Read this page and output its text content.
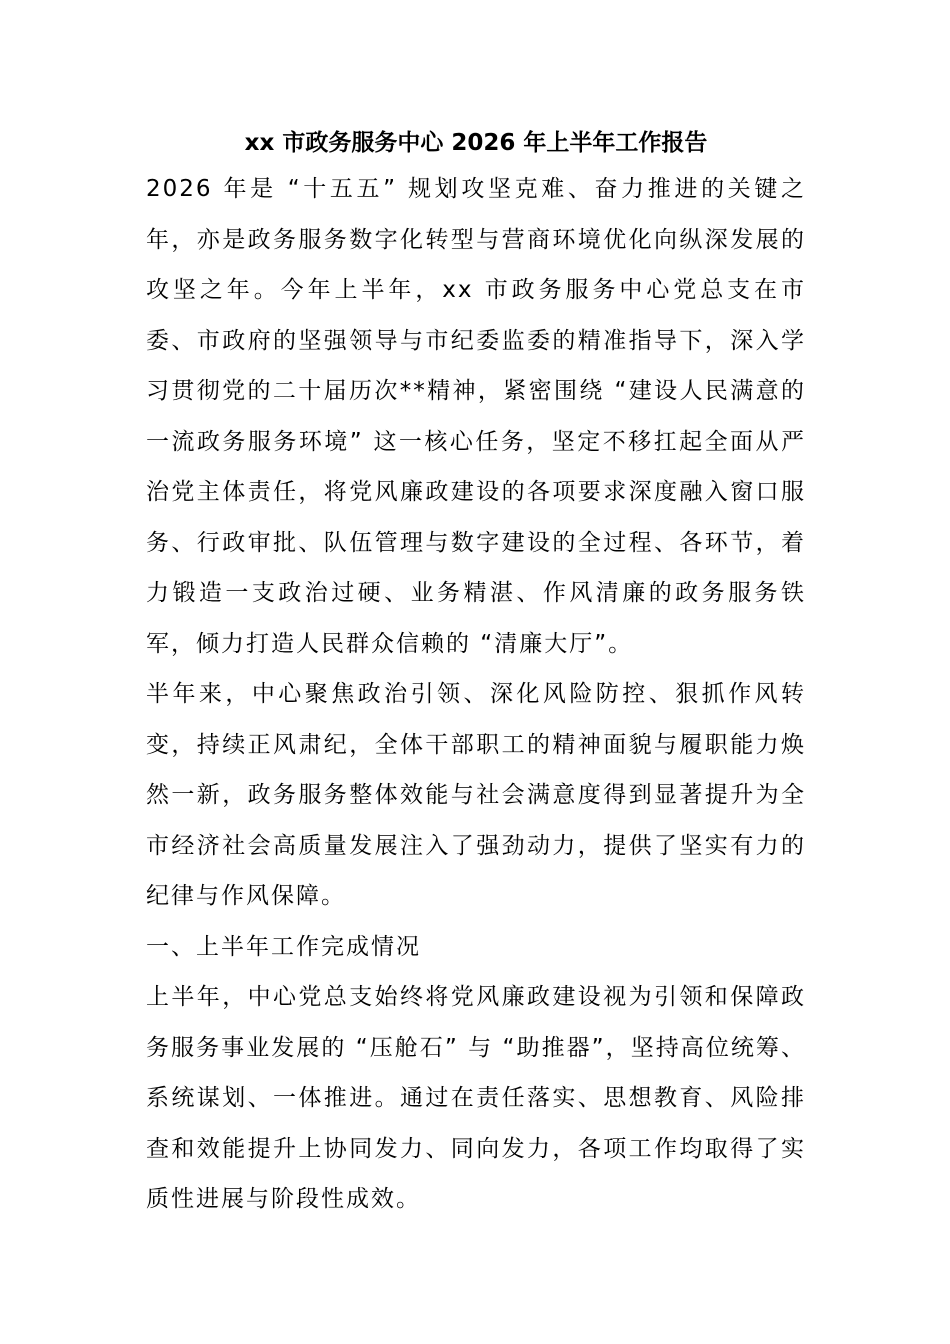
xx 市政务服务中心 2026 年上半年工作报告

2026 年是 “十五五” 规划攻坚克难、奋力推进的关键之年，亦是政务服务数字化转型与营商环境优化向纵深发展的攻坚之年。今年上半年，xx 市政务服务中心党总支在市委、市政府的坚强领导与市纪委监委的精准指导下，深入学习贯彻党的二十届历次**精神，紧密围绕 “建设人民满意的一流政务服务环境” 这一核心任务，坚定不移扛起全面从严治党主体责任，将党风廉政建设的各项要求深度融入窗口服务、行政审批、队伍管理与数字建设的全过程、各环节，着力锻造一支政治过硬、业务精湛、作风清廉的政务服务铁军，倾力打造人民群众信赖的 “清廉大厅”。

半年来，中心聚焦政治引领、深化风险防控、狠抓作风转变，持续正风肃纪，全体干部职工的精神面貌与履职能力焕然一新，政务服务整体效能与社会满意度得到显著提升为全市经济社会高质量发展注入了强劲动力，提供了坚实有力的纪律与作风保障。

一、上半年工作完成情况

上半年，中心党总支始终将党风廉政建设视为引领和保障政务服务事业发展的 “压舱石” 与 “助推器”，坚持高位统筹、系统谋划、一体推进。通过在责任落实、思想教育、风险排查和效能提升上协同发力、同向发力，各项工作均取得了实质性进展与阶段性成效。
